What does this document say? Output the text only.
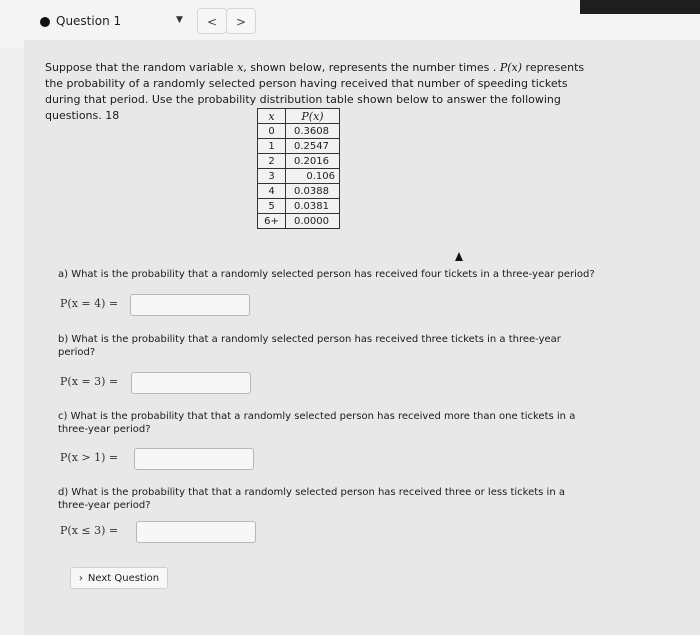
Question 1	▼	<	>
Suppose that the random variable x, shown below, represents the number times . P(x) represents the probability of a randomly selected person having received that number of speeding tickets during that period. Use the probability distribution table shown below to answer the following questions. 18	x	P(x)
0	0.3608
1	0.2547
2	0.2016
3	0.106
4	0.0388
5	0.0381
6+	0.0000
a) What is the probability that a randomly selected person has received four tickets in a three-year period?
P(x = 4) =
b) What is the probability that a randomly selected person has received three tickets in a three-year period?
P(x = 3) =
c) What is the probability that that a randomly selected person has received more than one tickets in a three-year period?
P(x > 1) =
d) What is the probability that that a randomly selected person has received three or less tickets in a three-year period?
P(x ≤ 3) =
› Next Question
